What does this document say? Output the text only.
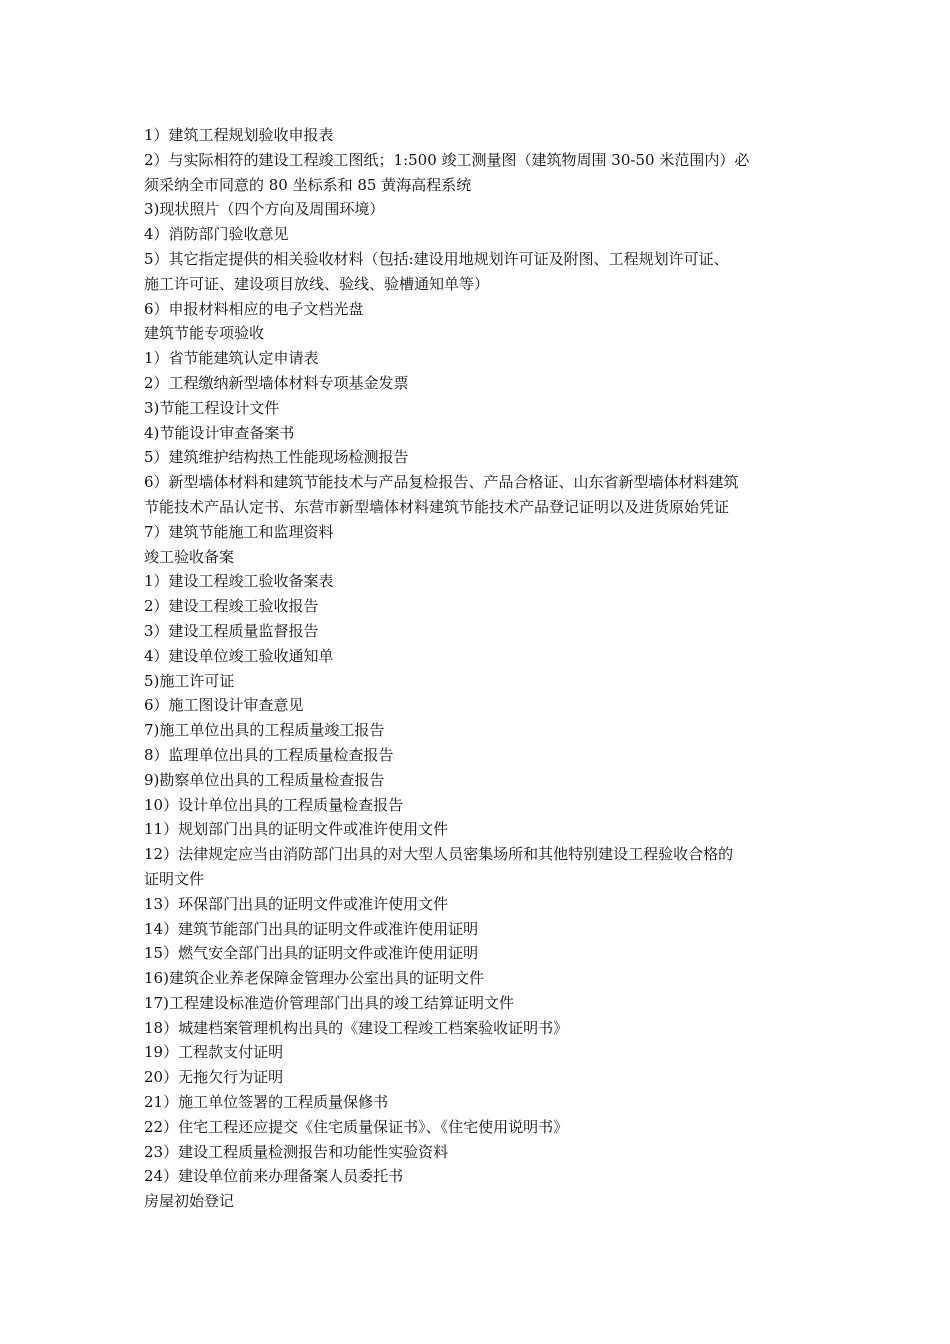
1）建筑工程规划验收申报表
2）与实际相符的建设工程竣工图纸；1:500 竣工测量图（建筑物周围 30-50 米范围内）必
须采纳全市同意的 80 坐标系和 85 黄海高程系统
3)现状照片（四个方向及周围环境）
4）消防部门验收意见
5）其它指定提供的相关验收材料（包括:建设用地规划许可证及附图、工程规划许可证、
施工许可证、建设项目放线、验线、验槽通知单等）
6）申报材料相应的电子文档光盘
建筑节能专项验收
1）省节能建筑认定申请表
2）工程缴纳新型墙体材料专项基金发票
3)节能工程设计文件
4)节能设计审查备案书
5）建筑维护结构热工性能现场检测报告
6）新型墙体材料和建筑节能技术与产品复检报告、产品合格证、山东省新型墙体材料建筑
节能技术产品认定书、东营市新型墙体材料建筑节能技术产品登记证明以及进货原始凭证
7）建筑节能施工和监理资料
竣工验收备案
1）建设工程竣工验收备案表
2）建设工程竣工验收报告
3）建设工程质量监督报告
4）建设单位竣工验收通知单
5)施工许可证
6）施工图设计审查意见
7)施工单位出具的工程质量竣工报告
8）监理单位出具的工程质量检查报告
9)勘察单位出具的工程质量检查报告
10）设计单位出具的工程质量检查报告
11）规划部门出具的证明文件或准许使用文件
12）法律规定应当由消防部门出具的对大型人员密集场所和其他特别建设工程验收合格的
证明文件
13）环保部门出具的证明文件或准许使用文件
14）建筑节能部门出具的证明文件或准许使用证明
15）燃气安全部门出具的证明文件或准许使用证明
16)建筑企业养老保障金管理办公室出具的证明文件
17)工程建设标准造价管理部门出具的竣工结算证明文件
18）城建档案管理机构出具的《建设工程竣工档案验收证明书》
19）工程款支付证明
20）无拖欠行为证明
21）施工单位签署的工程质量保修书
22）住宅工程还应提交《住宅质量保证书》、《住宅使用说明书》
23）建设工程质量检测报告和功能性实验资料
24）建设单位前来办理备案人员委托书
房屋初始登记
